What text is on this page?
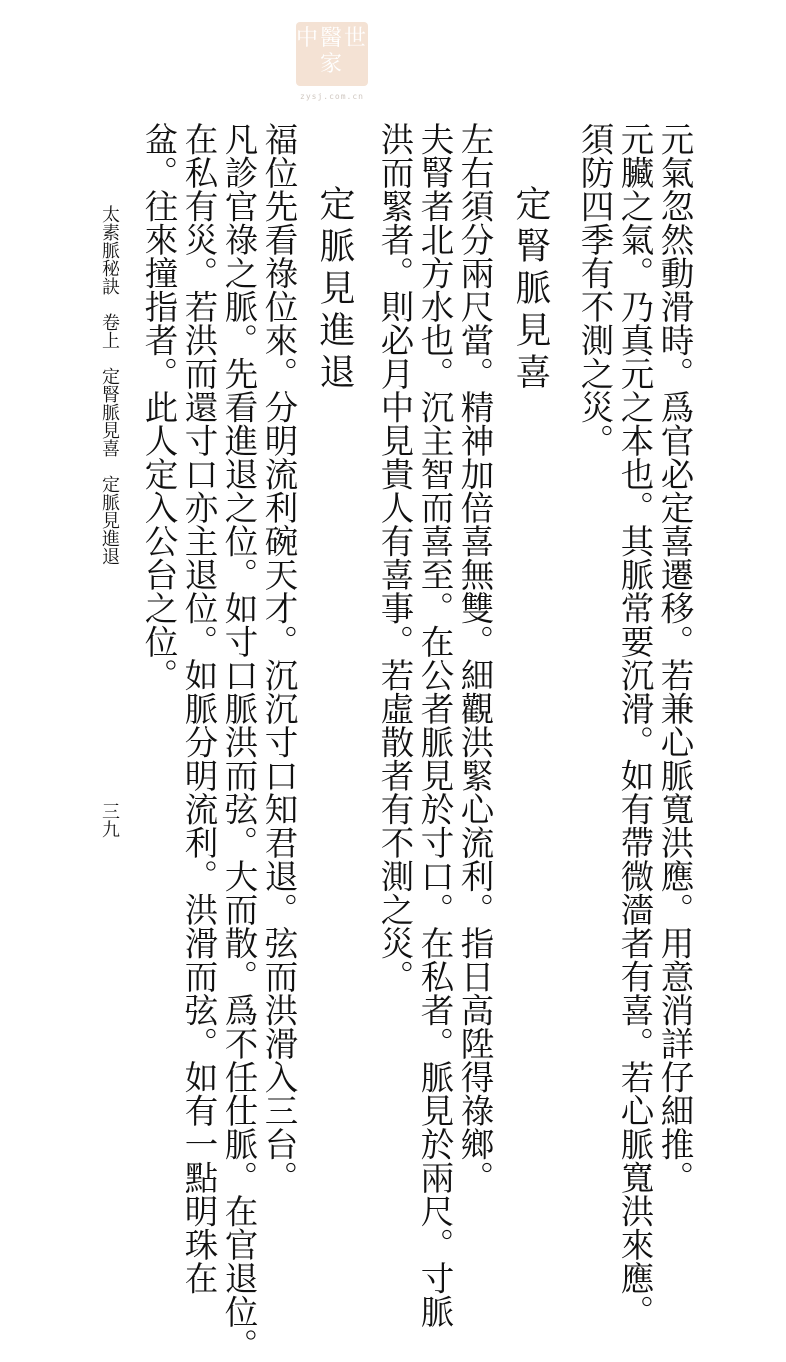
中醫世家
zysj.com.cn
元氣忽然動滑時。爲官必定喜遷移。若兼心脈寬洪應。用意消詳仔細推。
元臟之氣。乃真元之本也。其脈常要沉滑。如有帶微濇者有喜。若心脈寬洪來應。
須防四季有不測之災。
定腎脈見喜
左右須分兩尺當。精神加倍喜無雙。細觀洪緊心流利。指日高陞得祿鄉。
夫腎者北方水也。沉主智而喜至。在公者脈見於寸口。在私者。脈見於兩尺。寸脈
洪而緊者。則必月中見貴人有喜事。若虛散者有不測之災。
定脈見進退
福位先看祿位來。分明流利碗天才。沉沉寸口知君退。弦而洪滑入三台。
凡診官祿之脈。先看進退之位。如寸口脈洪而弦。大而散。爲不任仕脈。在官退位。
在私有災。若洪而還寸口亦主退位。如脈分明流利。洪滑而弦。如有一點明珠在
盆。往來撞指者。此人定入公台之位。
太素脈秘訣　卷上　定腎脈見喜　定脈見進退
三九
